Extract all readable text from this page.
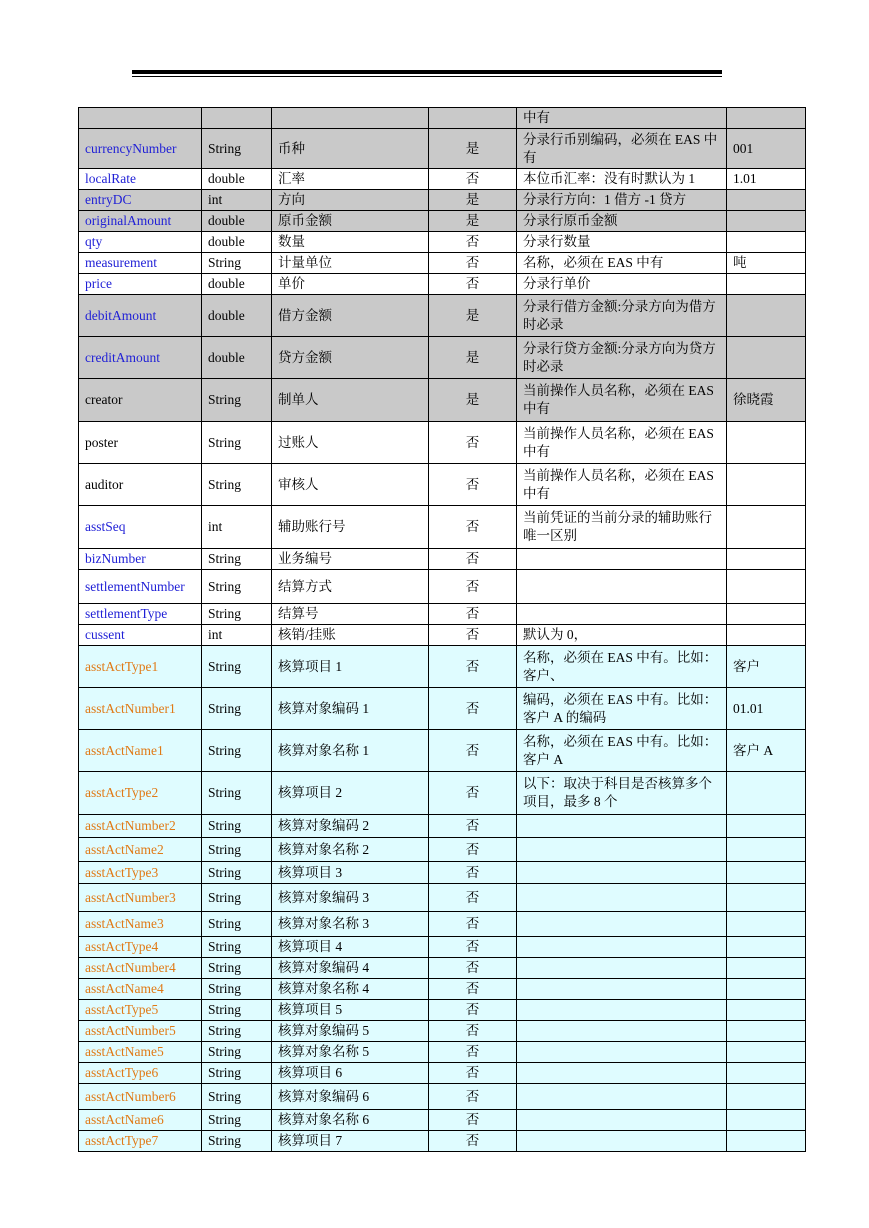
				中有	
currencyNumber	String	币种	是	分录行币别编码，必须在 EAS 中有	001
localRate	double	汇率	否	本位币汇率：没有时默认为 1	1.01
entryDC	int	方向	是	分录行方向：1 借方 -1 贷方	
originalAmount	double	原币金额	是	分录行原币金额	
qty	double	数量	否	分录行数量	
measurement	String	计量单位	否	名称，必须在 EAS 中有	吨
price	double	单价	否	分录行单价	
debitAmount	double	借方金额	是	分录行借方金额:分录方向为借方时必录	
creditAmount	double	贷方金额	是	分录行贷方金额:分录方向为贷方时必录	
creator	String	制单人	是	当前操作人员名称，必须在 EAS 中有	徐晓霞
poster	String	过账人	否	当前操作人员名称，必须在 EAS 中有	
auditor	String	审核人	否	当前操作人员名称，必须在 EAS 中有	
asstSeq	int	辅助账行号	否	当前凭证的当前分录的辅助账行唯一区别	
bizNumber	String	业务编号	否		
settlementNumber	String	结算方式	否		
settlementType	String	结算号	否		
cussent	int	核销/挂账	否	默认为 0，	
asstActType1	String	核算项目 1	否	名称，必须在 EAS 中有。比如：客户、	客户
asstActNumber1	String	核算对象编码 1	否	编码，必须在 EAS 中有。比如：客户 A 的编码	01.01
asstActName1	String	核算对象名称 1	否	名称，必须在 EAS 中有。比如：客户 A	客户 A
asstActType2	String	核算项目 2	否	以下：取决于科目是否核算多个项目，最多 8 个	
asstActNumber2	String	核算对象编码 2	否		
asstActName2	String	核算对象名称 2	否		
asstActType3	String	核算项目 3	否		
asstActNumber3	String	核算对象编码 3	否		
asstActName3	String	核算对象名称 3	否		
asstActType4	String	核算项目 4	否		
asstActNumber4	String	核算对象编码 4	否		
asstActName4	String	核算对象名称 4	否		
asstActType5	String	核算项目 5	否		
asstActNumber5	String	核算对象编码 5	否		
asstActName5	String	核算对象名称 5	否		
asstActType6	String	核算项目 6	否		
asstActNumber6	String	核算对象编码 6	否		
asstActName6	String	核算对象名称 6	否		
asstActType7	String	核算项目 7	否		
